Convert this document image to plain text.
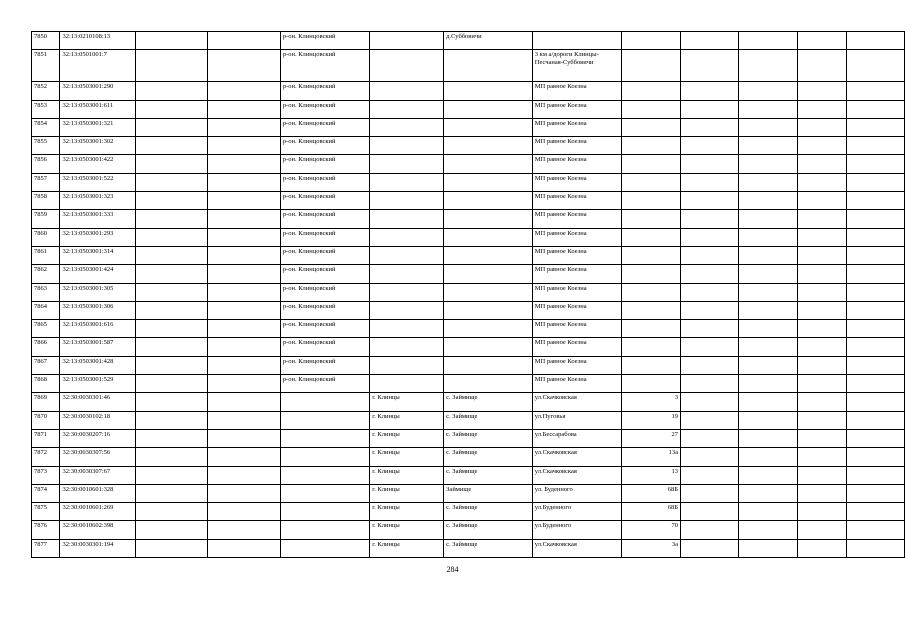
7850	32:13:0210108:13			р-он. Клинцовский		д.Суббовичи						
7851	32:13:0501001:7			р-он. Клинцовский			3 км а/дороги Клинцы-Песчаная-Суббовичи					
7852	32:13:0503001:290			р-он. Клинцовский			МП равное Коезна					
7853	32:13:0503001:611			р-он. Клинцовский			МП равное Коезна					
7854	32:13:0503001:321			р-он. Клинцовский			МП равное Коезна					
7855	32:13:0503001:302			р-он. Клинцовский			МП равное Коезна					
7856	32:13:0503001:422			р-он. Клинцовский			МП равное Коезна					
7857	32:13:0503001:522			р-он. Клинцовский			МП равное Коезна					
7858	32:13:0503001:323			р-он. Клинцовский			МП равное Коезна					
7859	32:13:0503001:333			р-он. Клинцовский			МП равное Коезна					
7860	32:13:0503001:293			р-он. Клинцовский			МП равное Коезна					
7861	32:13:0503001:314			р-он. Клинцовский			МП равное Коезна					
7862	32:13:0503001:424			р-он. Клинцовский			МП равное Коезна					
7863	32:13:0503001:305			р-он. Клинцовский			МП равное Коезна					
7864	32:13:0503001:306			р-он. Клинцовский			МП равное Коезна					
7865	32:13:0503001:616			р-он. Клинцовский			МП равное Коезна					
7866	32:13:0503001:587			р-он. Клинцовский			МП равное Коезна					
7867	32:13:0503001:428			р-он. Клинцовский			МП равное Коезна					
7868	32:13:0503001:529			р-он. Клинцовский			МП равное Коезна					
7869	32:30:0030301:46				г. Клинцы	с. Займище	ул.Скачковская	3				
7870	32:30:0030102:18				г. Клинцы	с. Займище	ул.Пуговья	19				
7871	32:30:0030207:16				г. Клинцы	с. Займище	ул.Бессарабова	27				
7872	32:30:0030307:56				г. Клинцы	с. Займище	ул.Скачковская	13а				
7873	32:30:0030307:67				г. Клинцы	с. Займище	ул.Скачковская	13				
7874	32:30:0010601:328				г. Клинцы	Займище	ул. Буденного	68Б				
7875	32:30:0010601:269				г. Клинцы	с. Займище	ул.Буденного	68Б				
7876	32:30:0010602:398				г. Клинцы	с. Займище	ул.Буденного	70				
7877	32:30:0030301:194				г. Клинцы	с. Займище	ул.Скачковская	3а				
284
